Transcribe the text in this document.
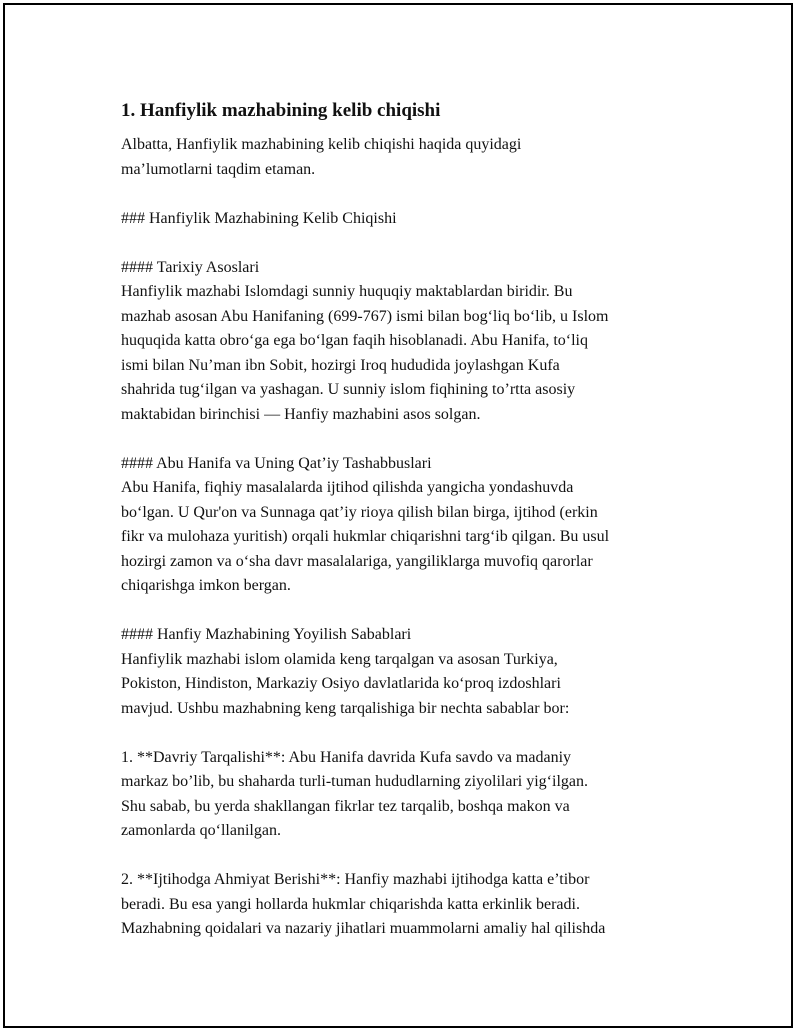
1. Hanfiylik mazhabining kelib chiqishi
Albatta, Hanfiylik mazhabining kelib chiqishi haqida quyidagi
ma’lumotlarni taqdim etaman.
### Hanfiylik Mazhabining Kelib Chiqishi
#### Tarixiy Asoslari
Hanfiylik mazhabi Islomdagi sunniy huquqiy maktablardan biridir. Bu
mazhab asosan Abu Hanifaning (699-767) ismi bilan bog‘liq bo‘lib, u Islom
huquqida katta obro‘ga ega bo‘lgan faqih hisoblanadi. Abu Hanifa, to‘liq
ismi bilan Nu’man ibn Sobit, hozirgi Iroq hududida joylashgan Kufa
shahrida tug‘ilgan va yashagan. U sunniy islom fiqhining to’rtta asosiy
maktabidan birinchisi — Hanfiy mazhabini asos solgan.
#### Abu Hanifa va Uning Qat’iy Tashabbuslari
Abu Hanifa, fiqhiy masalalarda ijtihod qilishda yangicha yondashuvda
bo‘lgan. U Qur'on va Sunnaga qat’iy rioya qilish bilan birga, ijtihod (erkin
fikr va mulohaza yuritish) orqali hukmlar chiqarishni targ‘ib qilgan. Bu usul
hozirgi zamon va o‘sha davr masalalariga, yangiliklarga muvofiq qarorlar
chiqarishga imkon bergan.
#### Hanfiy Mazhabining Yoyilish Sabablari
Hanfiylik mazhabi islom olamida keng tarqalgan va asosan Turkiya,
Pokiston, Hindiston, Markaziy Osiyo davlatlarida ko‘proq izdoshlari
mavjud. Ushbu mazhabning keng tarqalishiga bir nechta sabablar bor:
1. **Davriy Tarqalishi**: Abu Hanifa davrida Kufa savdo va madaniy
markaz bo’lib, bu shaharda turli-tuman hududlarning ziyolilari yig‘ilgan.
Shu sabab, bu yerda shakllangan fikrlar tez tarqalib, boshqa makon va
zamonlarda qo‘llanilgan.
2. **Ijtihodga Ahmiyat Berishi**: Hanfiy mazhabi ijtihodga katta e’tibor
beradi. Bu esa yangi hollarda hukmlar chiqarishda katta erkinlik beradi.
Mazhabning qoidalari va nazariy jihatlari muammolarni amaliy hal qilishda
